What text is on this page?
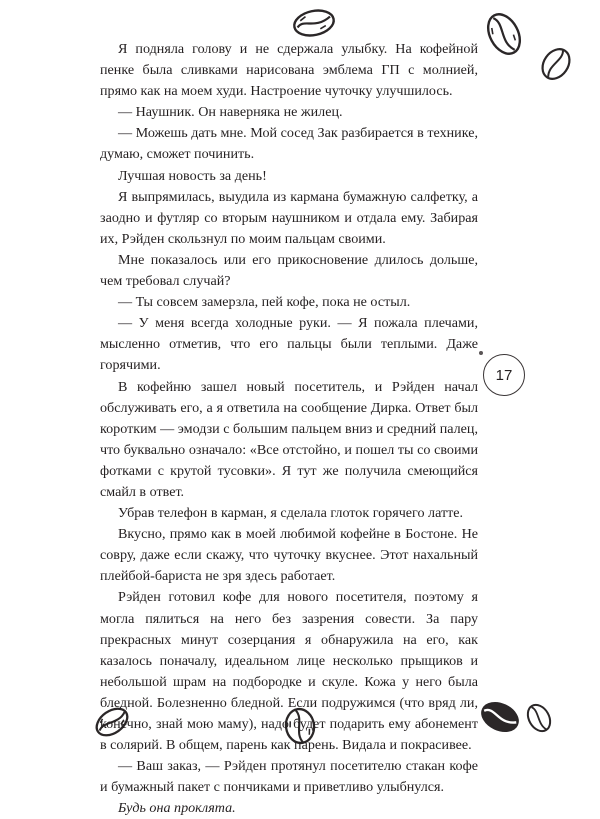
17

Я подняла голову и не сдержала улыбку. На кофейной пенке была сливками нарисована эмблема ГП с молнией, прямо как на моем худи. Настроение чуточку улучшилось.

— Наушник. Он наверняка не жилец.

— Можешь дать мне. Мой сосед Зак разбирается в технике, думаю, сможет починить.

Лучшая новость за день!

Я выпрямилась, выудила из кармана бумажную салфетку, а заодно и футляр со вторым наушником и отдала ему. Забирая их, Рэйден скользнул по моим пальцам своими.

Мне показалось или его прикосновение длилось дольше, чем требовал случай?

— Ты совсем замерзла, пей кофе, пока не остыл.

— У меня всегда холодные руки. — Я пожала плечами, мысленно отметив, что его пальцы были теплыми. Даже горячими.

В кофейню зашел новый посетитель, и Рэйден начал обслуживать его, а я ответила на сообщение Дирка. Ответ был коротким — эмодзи с большим пальцем вниз и средний палец, что буквально означало: «Все отстойно, и пошел ты со своими фотками с крутой тусовки». Я тут же получила смеющийся смайл в ответ.

Убрав телефон в карман, я сделала глоток горячего латте.

Вкусно, прямо как в моей любимой кофейне в Бостоне. Не совру, даже если скажу, что чуточку вкуснее. Этот нахальный плейбой-бариста не зря здесь работает.

Рэйден готовил кофе для нового посетителя, поэтому я могла пялиться на него без зазрения совести. За пару прекрасных минут созерцания я обнаружила на его, как казалось поначалу, идеальном лице несколько прыщиков и небольшой шрам на подбородке и скуле. Кожа у него была бледной. Болезненно бледной. Если подружимся (что вряд ли, конечно, знай мою маму), надо будет подарить ему абонемент в солярий. В общем, парень как парень. Видала и покрасивее.

— Ваш заказ, — Рэйден протянул посетителю стакан кофе и бумажный пакет с пончиками и приветливо улыбнулся.

Будь она проклята.
